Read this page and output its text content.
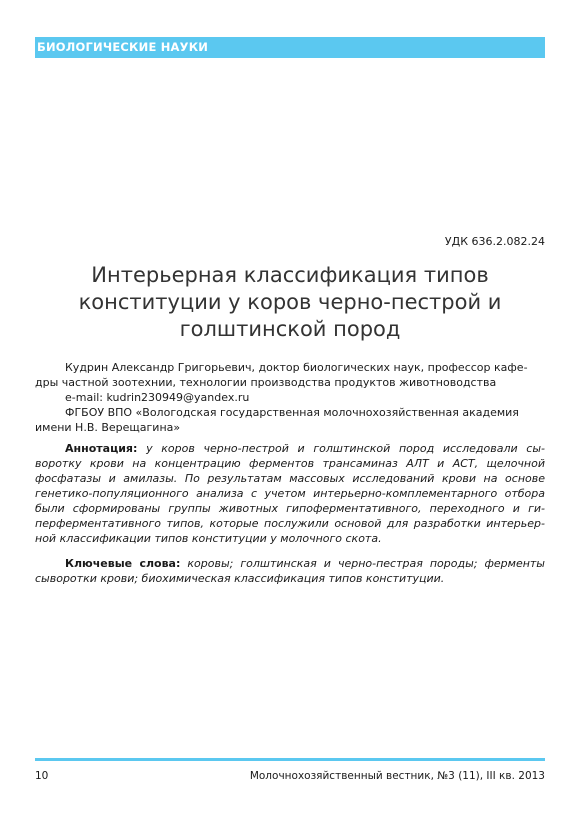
БИОЛОГИЧЕСКИЕ НАУКИ
УДК 636.2.082.24
Интерьерная классификация типов
конституции у коров черно-пестрой и
голштинской пород

Кудрин Александр Григорьевич, доктор биологических наук, профессор кафе-

дры частной зоотехнии, технологии производства продуктов животноводства

e-mail: kudrin230949@yandex.ru

ФГБОУ ВПО «Вологодская государственная молочнохозяйственная академия

имени Н.В. Верещагина»

Аннотация: у коров черно-пестрой и голштинской пород исследовали сы-воротку крови на концентрацию ферментов трансаминаз АЛТ и АСТ, щелочной фосфатазы и амилазы. По результатам массовых исследований крови на основе генетико-популяционного анализа с учетом интерьерно-комплементарного отбора были сформированы группы животных гипоферментативного, переходного и ги-перферментативного типов, которые послужили основой для разработки интерьер-ной классификации типов конституции у молочного скота.

Ключевые слова: коровы; голштинская и черно-пестрая породы; ферменты сыворотки крови; биохимическая классификация типов конституции.

10	Молочнохозяйственный вестник, №3 (11), III кв. 2013
